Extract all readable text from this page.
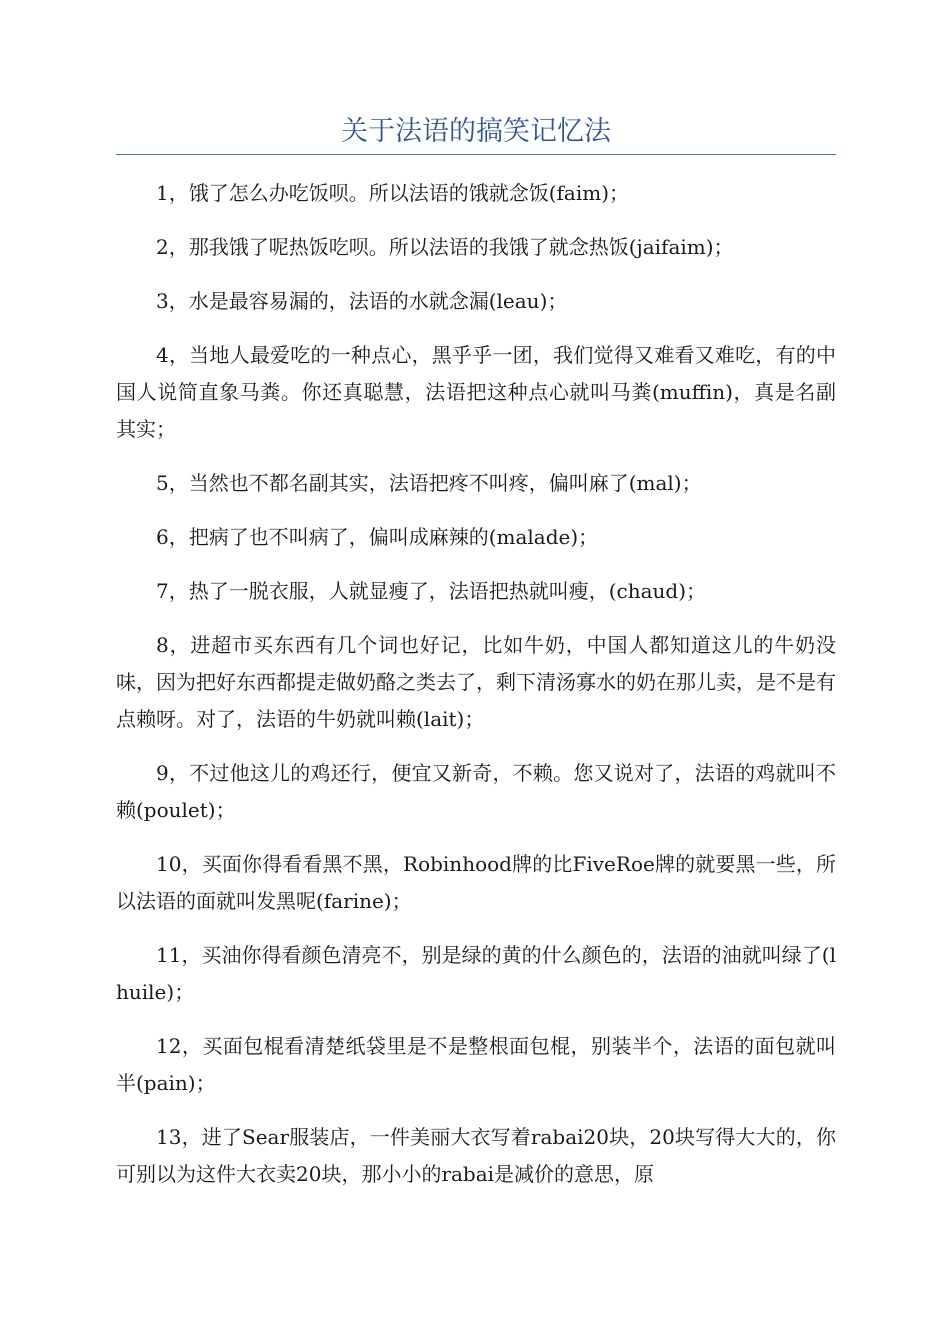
关于法语的搞笑记忆法

1，饿了怎么办吃饭呗。所以法语的饿就念饭(faim)；

2，那我饿了呢热饭吃呗。所以法语的我饿了就念热饭(jaifaim)；

3，水是最容易漏的，法语的水就念漏(leau)；

4，当地人最爱吃的一种点心，黑乎乎一团，我们觉得又难看又难吃，有的中国人说简直象马粪。你还真聪慧，法语把这种点心就叫马粪(muffin)，真是名副其实；

5，当然也不都名副其实，法语把疼不叫疼，偏叫麻了(mal)；

6，把病了也不叫病了，偏叫成麻辣的(malade)；

7，热了一脱衣服，人就显瘦了，法语把热就叫瘦，(chaud)；

8，进超市买东西有几个词也好记，比如牛奶，中国人都知道这儿的牛奶没味，因为把好东西都提走做奶酪之类去了，剩下清汤寡水的奶在那儿卖，是不是有点赖呀。对了，法语的牛奶就叫赖(lait)；

9，不过他这儿的鸡还行，便宜又新奇，不赖。您又说对了，法语的鸡就叫不赖(poulet)；

10，买面你得看看黑不黑，Robinhood牌的比FiveRoe牌的就要黑一些，所以法语的面就叫发黑呢(farine)；

11，买油你得看颜色清亮不，别是绿的黄的什么颜色的，法语的油就叫绿了(lhuile)；

12，买面包棍看清楚纸袋里是不是整根面包棍，别装半个，法语的面包就叫半(pain)；

13，进了Sear服装店，一件美丽大衣写着rabai20块，20块写得大大的，你可别以为这件大衣卖20块，那小小的rabai是减价的意思，原
